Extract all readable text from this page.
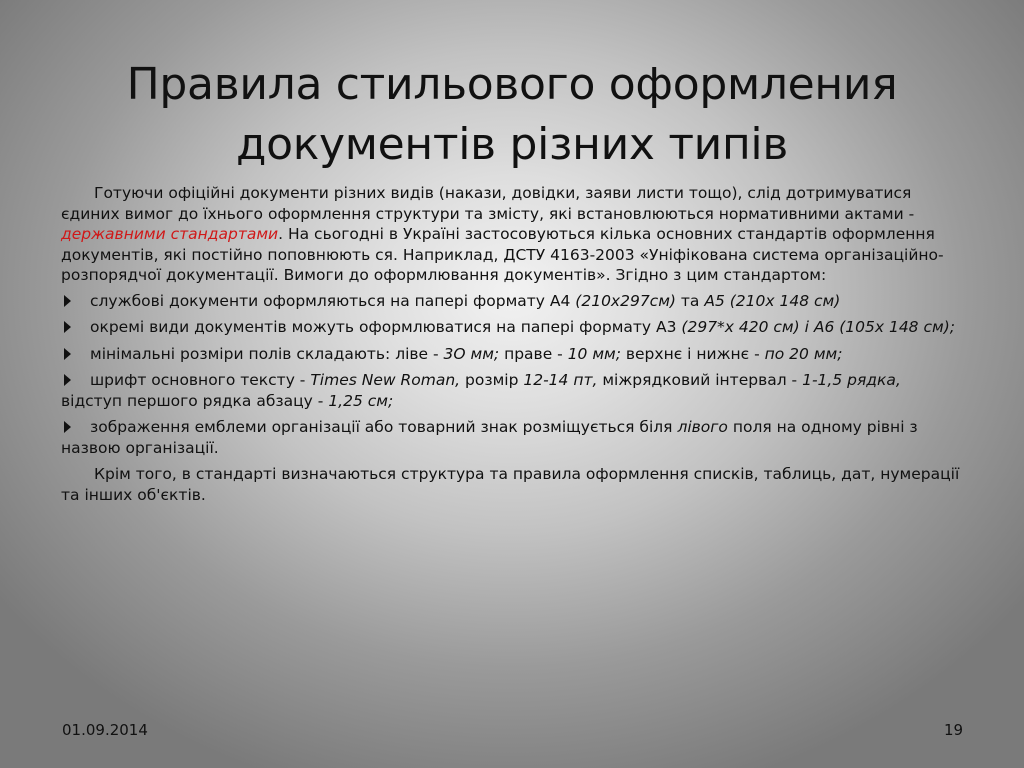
Правила стильового оформления
документів різних типів

Готуючи офіційні документи різних видів (накази, довідки, заяви листи тощо), слід дотримуватися єдиних вимог до їхнього оформлення структури та змісту, які встановлюються нормативними актами - державними стандартами. На сьогодні в Україні застосовуються кілька основних стандартів оформлення документів, які постійно поповнюють ся. Наприклад, ДСТУ 4163-2003 «Уніфікована система організаційно-розпорядчої документації. Вимоги до оформлювання документів». Згідно з цим стандартом:

службові документи оформляються на папері формату А4 (210x297см) та А5 (210х 148 см)
окремі види документів можуть оформлюватися на папері формату А3 (297*х 420 см) і А6 (105х 148 см);
мінімальні розміри полів складають: ліве - 3О мм; праве - 10 мм; верхнє і нижнє - по 20 мм;
шрифт основного тексту - Times New Roman, розмір 12-14 пт, міжрядковий інтервал - 1-1,5 рядка, відступ першого рядка абзацу - 1,25 см;
зображення емблеми організації або товарний знак розміщується біля лівого поля на одному рівні з назвою організації.

Крім того, в стандарті визначаються структура та правила оформлення списків, таблиць, дат, нумерації та інших об'єктів.

01.09.2014	19
